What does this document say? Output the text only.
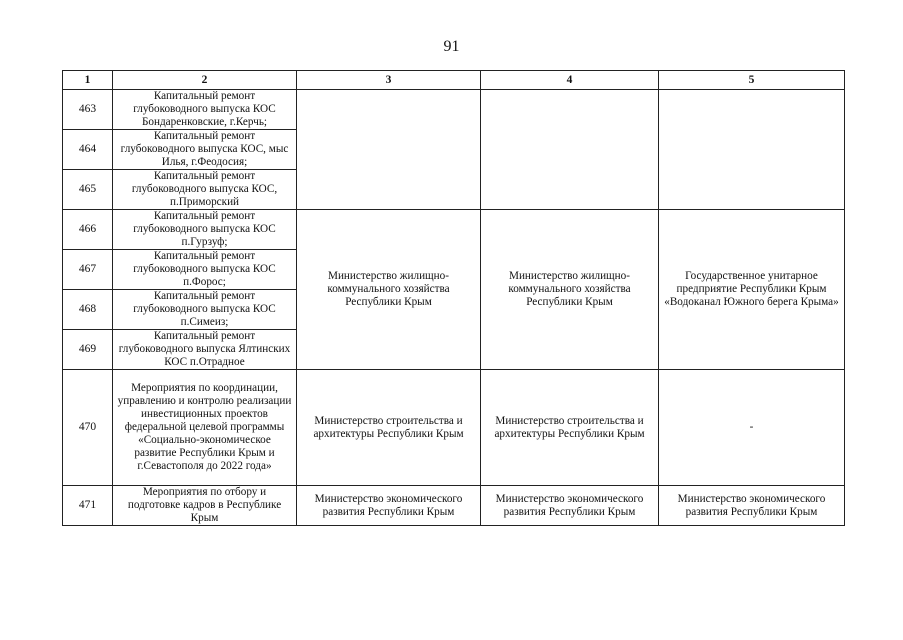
91
1	2	3	4	5
463	Капитальный ремонт глубоководного выпуска КОС Бондаренковские, г.Керчь;			
464	Капитальный ремонт глубоководного выпуска КОС, мыс Илья, г.Феодосия;			
465	Капитальный ремонт глубоководного выпуска КОС, п.Приморский			
466	Капитальный ремонт глубоководного выпуска КОС п.Гурзуф;	Министерство жилищно-коммунального хозяйства Республики Крым	Министерство жилищно-коммунального хозяйства Республики Крым	Государственное унитарное предприятие Республики Крым «Водоканал Южного берега Крыма»
467	Капитальный ремонт глубоководного выпуска КОС п.Форос;			
468	Капитальный ремонт глубоководного выпуска КОС п.Симеиз;			
469	Капитальный ремонт глубоководного выпуска Ялтинских КОС п.Отрадное			
470	Мероприятия по координации, управлению и контролю реализации инвестиционных проектов федеральной целевой программы «Социально-экономическое развитие Республики Крым и г.Севастополя до 2022 года»	Министерство строительства и архитектуры Республики Крым	Министерство строительства и архитектуры Республики Крым	-
471	Мероприятия по отбору и подготовке кадров в Республике Крым	Министерство экономического развития Республики Крым	Министерство экономического развития Республики Крым	Министерство экономического развития Республики Крым
